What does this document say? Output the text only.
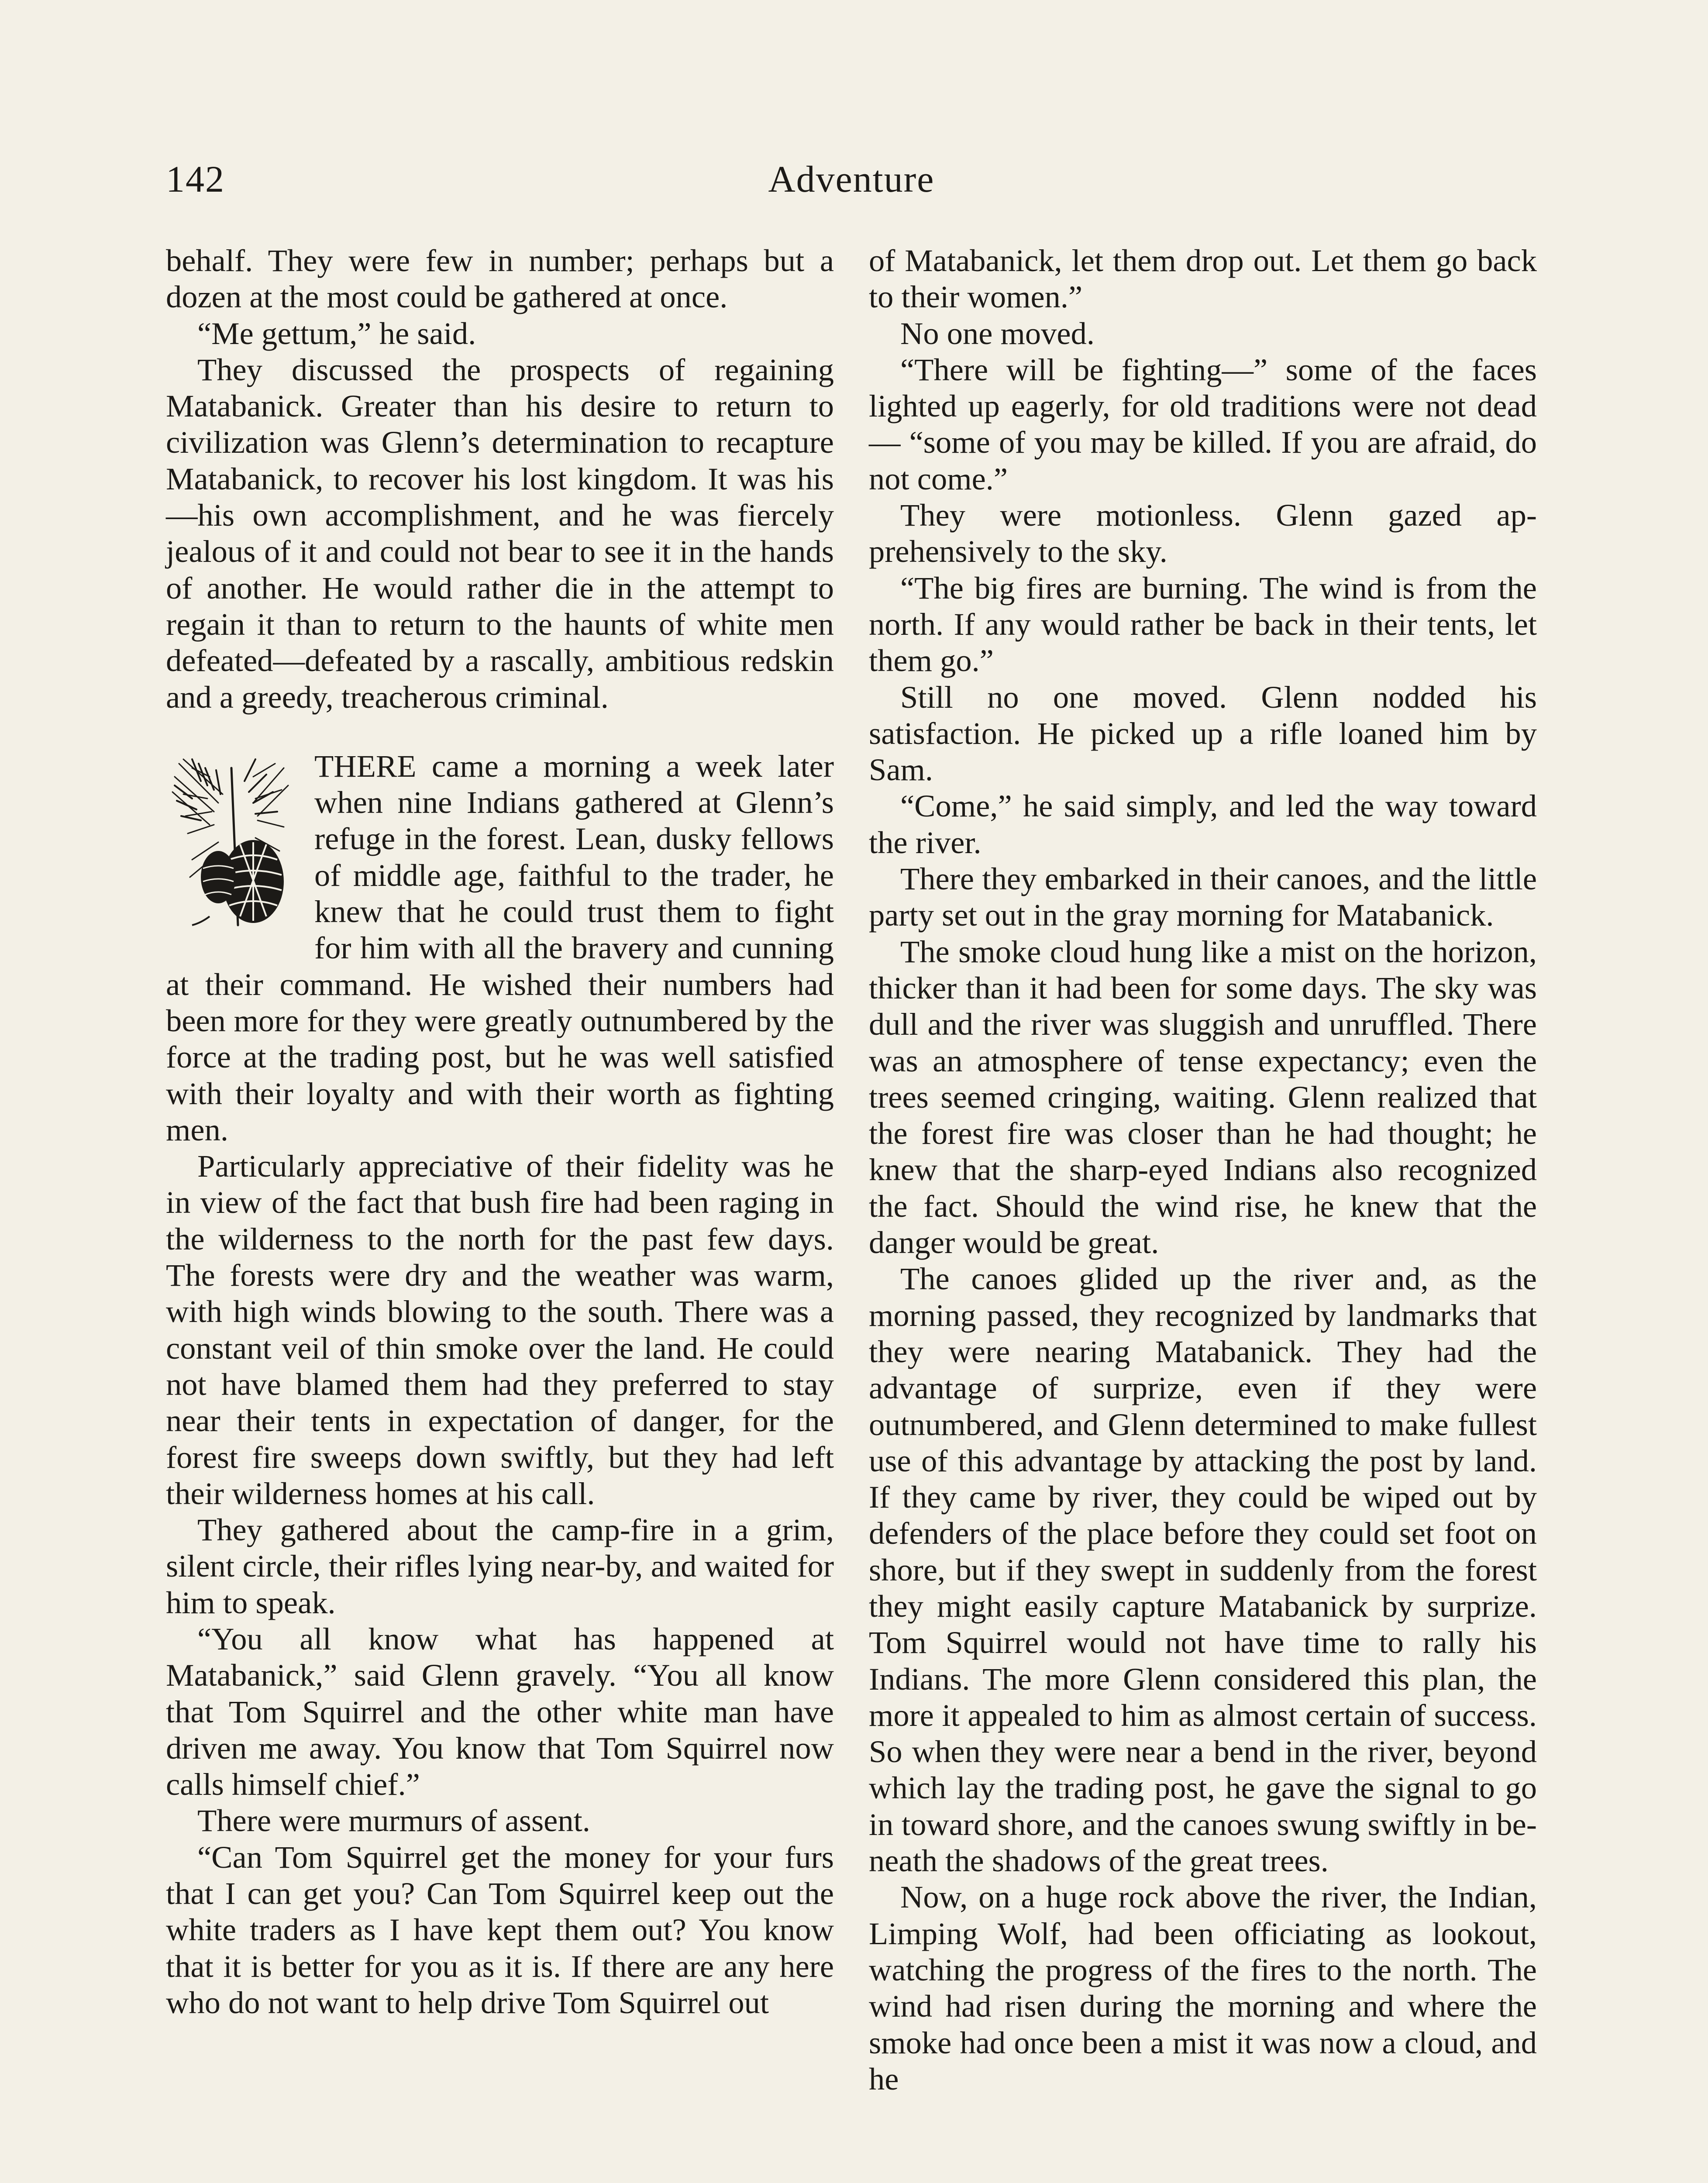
142	Adventure

behalf. They were few in number; perhaps but a dozen at the most could be gathered at once.

“Me gettum,” he said.

They discussed the prospects of regaining Matabanick. Greater than his desire to return to civilization was Glenn’s determination to recapture Matabanick, to recover his lost kingdom. It was his—his own accomplishment, and he was fiercely jealous of it and could not bear to see it in the hands of another. He would rather die in the attempt to regain it than to return to the haunts of white men defeated—defeated by a rascally, ambitious redskin and a greedy, treacherous criminal.

THERE came a morning a week later when nine Indians gathered at Glenn’s refuge in the forest. Lean, dusky fellows of middle age, faithful to the trader, he knew that he could trust them to fight for him with all the bravery and cunning at their command. He wished their numbers had been more for they were greatly outnumbered by the force at the trading post, but he was well satisfied with their loyalty and with their worth as fighting men.

Particularly appreciative of their fidelity was he in view of the fact that bush fire had been raging in the wilderness to the north for the past few days. The forests were dry and the weather was warm, with high winds blowing to the south. There was a constant veil of thin smoke over the land. He could not have blamed them had they preferred to stay near their tents in expectation of danger, for the forest fire sweeps down swiftly, but they had left their wilderness homes at his call.

They gathered about the camp-fire in a grim, silent circle, their rifles lying near-by, and waited for him to speak.

“You all know what has happened at Matabanick,” said Glenn gravely. “You all know that Tom Squirrel and the other white man have driven me away. You know that Tom Squirrel now calls himself chief.”

There were murmurs of assent.

“Can Tom Squirrel get the money for your furs that I can get you? Can Tom Squirrel keep out the white traders as I have kept them out? You know that it is better for you as it is. If there are any here who do not want to help drive Tom Squirrel out

of Matabanick, let them drop out. Let them go back to their women.”

No one moved.

“There will be fighting—” some of the faces lighted up eagerly, for old traditions were not dead— “some of you may be killed. If you are afraid, do not come.”

They were motionless. Glenn gazed apprehensively to the sky.

“The big fires are burning. The wind is from the north. If any would rather be back in their tents, let them go.”

Still no one moved. Glenn nodded his satisfaction. He picked up a rifle loaned him by Sam.

“Come,” he said simply, and led the way toward the river.

There they embarked in their canoes, and the little party set out in the gray morning for Matabanick.

The smoke cloud hung like a mist on the horizon, thicker than it had been for some days. The sky was dull and the river was sluggish and unruffled. There was an atmosphere of tense expectancy; even the trees seemed cringing, waiting. Glenn realized that the forest fire was closer than he had thought; he knew that the sharp-eyed Indians also recognized the fact. Should the wind rise, he knew that the danger would be great.

The canoes glided up the river and, as the morning passed, they recognized by landmarks that they were nearing Matabanick. They had the advantage of surprize, even if they were outnumbered, and Glenn determined to make fullest use of this advantage by attacking the post by land. If they came by river, they could be wiped out by defenders of the place before they could set foot on shore, but if they swept in suddenly from the forest they might easily capture Matabanick by surprize. Tom Squirrel would not have time to rally his Indians. The more Glenn considered this plan, the more it appealed to him as almost certain of success. So when they were near a bend in the river, beyond which lay the trading post, he gave the signal to go in toward shore, and the canoes swung swiftly in beneath the shadows of the great trees.

Now, on a huge rock above the river, the Indian, Limping Wolf, had been officiating as lookout, watching the progress of the fires to the north. The wind had risen during the morning and where the smoke had once been a mist it was now a cloud, and he
